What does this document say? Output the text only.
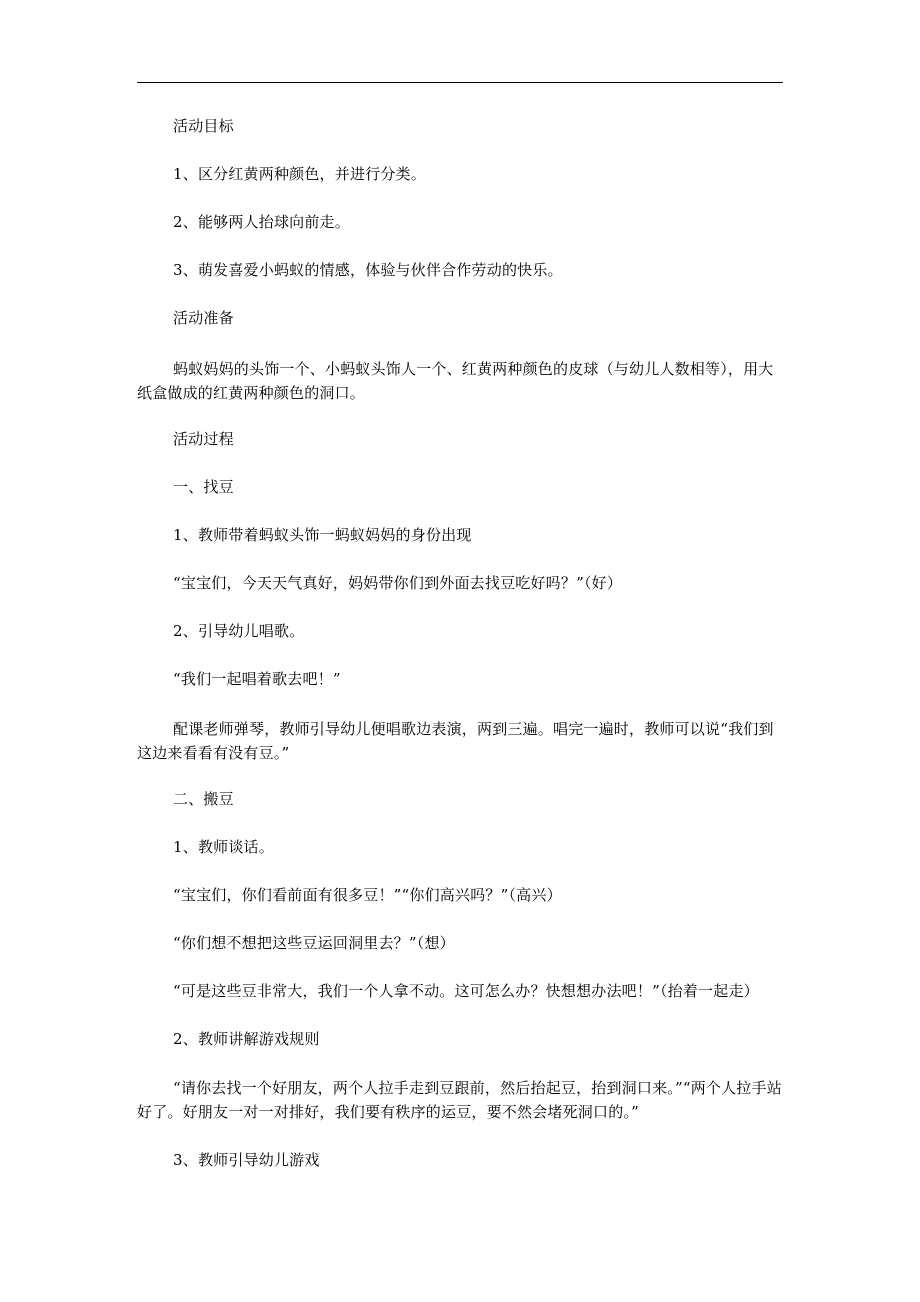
活动目标
1、区分红黄两种颜色，并进行分类。
2、能够两人抬球向前走。
3、萌发喜爱小蚂蚁的情感，体验与伙伴合作劳动的快乐。
活动准备
蚂蚁妈妈的头饰一个、小蚂蚁头饰人一个、红黄两种颜色的皮球（与幼儿人数相等），用大纸盒做成的红黄两种颜色的洞口。
活动过程
一、找豆
1、教师带着蚂蚁头饰一蚂蚁妈妈的身份出现
“宝宝们，今天天气真好，妈妈带你们到外面去找豆吃好吗？”（好）
2、引导幼儿唱歌。
“我们一起唱着歌去吧！”
配课老师弹琴，教师引导幼儿便唱歌边表演，两到三遍。唱完一遍时，教师可以说“我们到这边来看看有没有豆。”
二、搬豆
1、教师谈话。
“宝宝们，你们看前面有很多豆！”“你们高兴吗？”（高兴）
“你们想不想把这些豆运回洞里去？”（想）
“可是这些豆非常大，我们一个人拿不动。这可怎么办？快想想办法吧！”（抬着一起走）
2、教师讲解游戏规则
“请你去找一个好朋友，两个人拉手走到豆跟前，然后抬起豆，抬到洞口来。”“两个人拉手站好了。好朋友一对一对排好，我们要有秩序的运豆，要不然会堵死洞口的。”
3、教师引导幼儿游戏
